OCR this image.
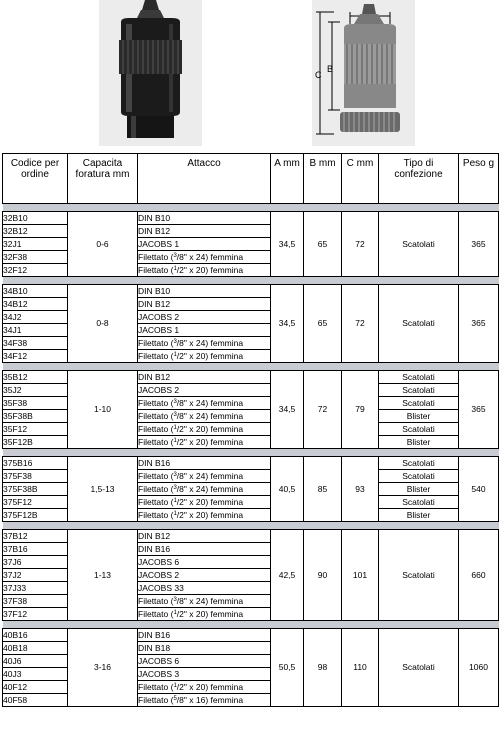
C
B
Codice per ordine	Capacita foratura mm	Attacco	A mm	B mm	C mm	Tipo di confezione	Peso g

32B10	0-6	DIN B10	34,5	65	72	Scatolati	365
32B12		DIN B12					
32J1		JACOBS 1					
32F38		Filettato ($^3$/8" x 24) femmina					
32F12		Filettato ($^1$/2" x 20) femmina					

34B10	0-8	DIN B10	34,5	65	72	Scatolati	365
34B12		DIN B12					
34J2		JACOBS 2					
34J1		JACOBS 1					
34F38		Filettato ($^3$/8" x 24) femmina					
34F12		Filettato ($^1$/2" x 20) femmina					

35B12	1-10	DIN B12	34,5	72	79	Scatolati	365
35J2		JACOBS 2				Scatolati	
35F38		Filettato ($^3$/8" x 24) femmina				Scatolati	
35F38B		Filettato ($^3$/8" x 24) femmina				Blister	
35F12		Filettato ($^1$/2" x 20) femmina				Scatolati	
35F12B		Filettato ($^1$/2" x 20) femmina				Blister	

375B16	1,5-13	DIN B16	40,5	85	93	Scatolati	540
375F38		Filettato ($^3$/8" x 24) femmina				Scatolati	
375F38B		Filettato ($^3$/8" x 24) femmina				Blister	
375F12		Filettato ($^1$/2" x 20) femmina				Scatolati	
375F12B		Filettato ($^1$/2" x 20) femmina				Blister	

37B12	1-13	DIN B12	42,5	90	101	Scatolati	660
37B16		DIN B16					
37J6		JACOBS 6					
37J2		JACOBS 2					
37J33		JACOBS 33					
37F38		Filettato ($^3$/8" x 24) femmina					
37F12		Filettato ($^1$/2" x 20) femmina					

40B16	3-16	DIN B16	50,5	98	110	Scatolati	1060
40B18		DIN B18					
40J6		JACOBS 6					
40J3		JACOBS 3					
40F12		Filettato ($^1$/2" x 20) femmina					
40F58		Filettato ($^5$/8" x 16) femmina					
